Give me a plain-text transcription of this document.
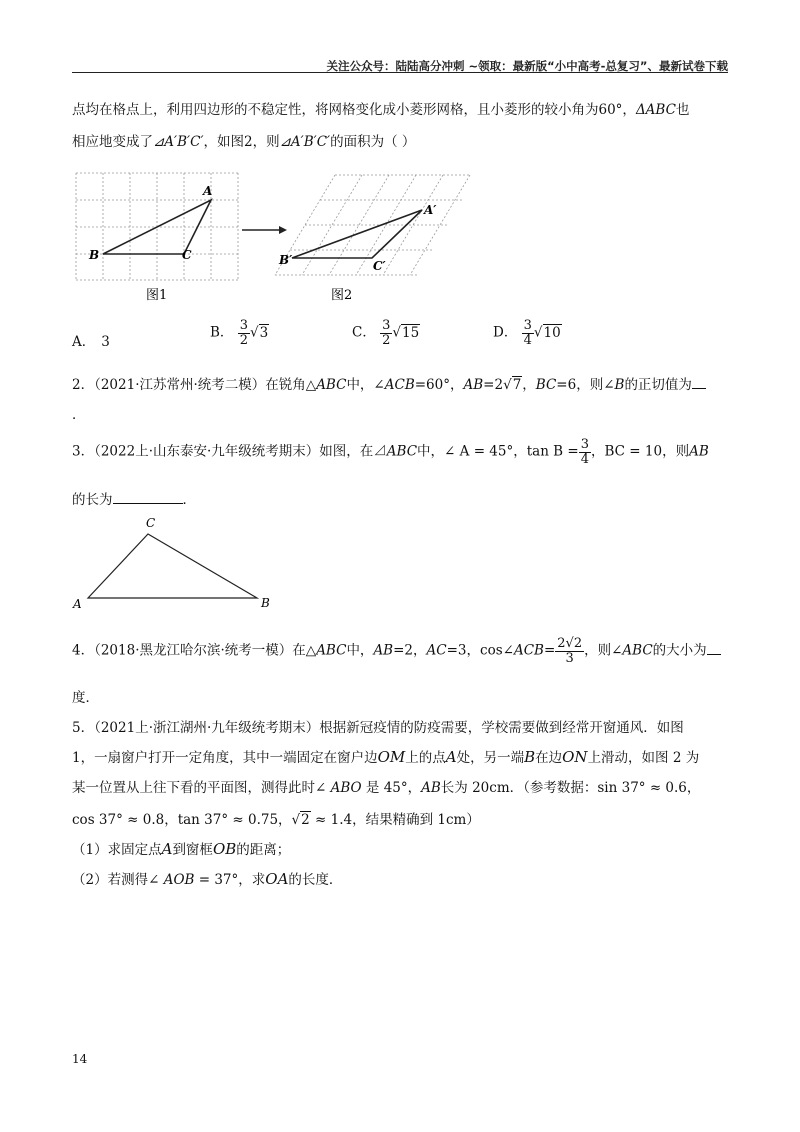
关注公众号：陆陆高分冲刺 ~领取：最新版“小中高考-总复习”、最新试卷下载
点均在格点上，利用四边形的不稳定性，将网格变化成小菱形网格，且小菱形的较小角为60°，ΔABC也
相应地变成了⊿A′B′C′，如图2，则⊿A′B′C′的面积为（ ）
A
B	C
图1
A′
B′	C′
图2
A． 3
B． $\frac{3}{2} √3$	C． $\frac{3}{2} √15$	D． $\frac{3}{4} √10$
2．（2021·江苏常州·统考二模）在锐角△ABC中，∠ACB=60°，AB=2√7，BC=6，则∠B的正切值为
．
3．（2022上·山东泰安·九年级统考期末）如图，在⊿ABC中，∠ A = 45°，$\tan B = \frac{3}{4}$ ，BC = 10，则AB
的长为	．
A	B
C
4．（2018·黑龙江哈尔滨·统考一模）在△ABC中，AB=2，AC=3，cos∠ACB= $\frac{2√2}{3}$ ，则∠ABC的大小为
度．
5．（2021上·浙江湖州·九年级统考期末）根据新冠疫情的防疫需要，学校需要做到经常开窗通风．如图
1，一扇窗户打开一定角度，其中一端固定在窗户边OM上的点A处，另一端B在边ON上滑动，如图 2 为
某一位置从上往下看的平面图，测得此时∠ ABO 是 45°，AB长为 20cm．（参考数据：sin 37° ≈ 0.6，
cos 37° ≈ 0.8，tan 37° ≈ 0.75，√2 ≈ 1.4，结果精确到 1cm）
（1）求固定点A到窗框OB的距离；
（2）若测得∠ AOB = 37°，求OA的长度．
14
